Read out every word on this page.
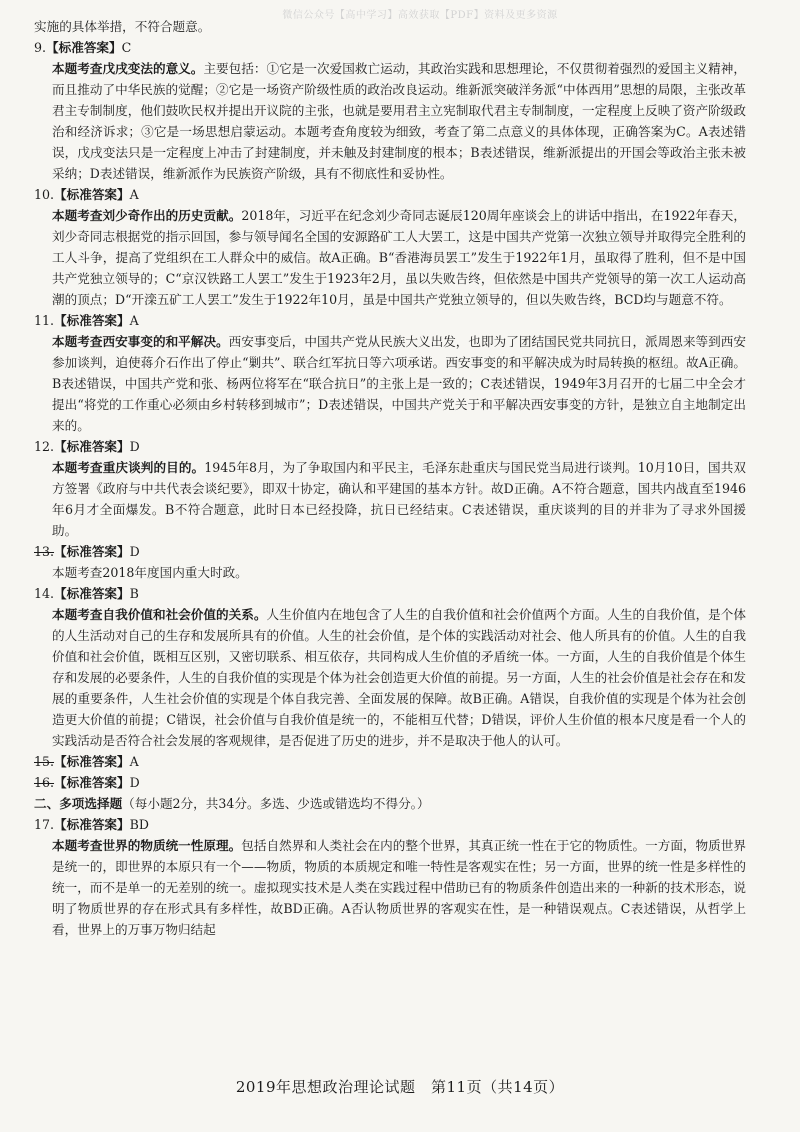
微信公众号【高中学习】高效获取【PDF】资料及更多资源

实施的具体举措，不符合题意。

9.【标准答案】C

本题考查戊戌变法的意义。主要包括：①它是一次爱国救亡运动，其政治实践和思想理论，不仅贯彻着强烈的爱国主义精神，而且推动了中华民族的觉醒；②它是一场资产阶级性质的政治改良运动。维新派突破洋务派“中体西用”思想的局限，主张改革君主专制制度，他们鼓吹民权并提出开议院的主张，也就是要用君主立宪制取代君主专制制度，一定程度上反映了资产阶级政治和经济诉求；③它是一场思想启蒙运动。本题考查角度较为细致，考查了第二点意义的具体体现，正确答案为C。A表述错误，戊戌变法只是一定程度上冲击了封建制度，并未触及封建制度的根本；B表述错误，维新派提出的开国会等政治主张未被采纳；D表述错误，维新派作为民族资产阶级，具有不彻底性和妥协性。

10.【标准答案】A

本题考查刘少奇作出的历史贡献。2018年，习近平在纪念刘少奇同志诞辰120周年座谈会上的讲话中指出，在1922年春天，刘少奇同志根据党的指示回国，参与领导闻名全国的安源路矿工人大罢工，这是中国共产党第一次独立领导并取得完全胜利的工人斗争，提高了党组织在工人群众中的威信。故A正确。B“香港海员罢工”发生于1922年1月，虽取得了胜利，但不是中国共产党独立领导的；C“京汉铁路工人罢工”发生于1923年2月，虽以失败告终，但依然是中国共产党领导的第一次工人运动高潮的顶点；D“开滦五矿工人罢工”发生于1922年10月，虽是中国共产党独立领导的，但以失败告终，BCD均与题意不符。

11.【标准答案】A

本题考查西安事变的和平解决。西安事变后，中国共产党从民族大义出发，也即为了团结国民党共同抗日，派周恩来等到西安参加谈判，迫使蒋介石作出了停止“剿共”、联合红军抗日等六项承诺。西安事变的和平解决成为时局转换的枢纽。故A正确。B表述错误，中国共产党和张、杨两位将军在“联合抗日”的主张上是一致的；C表述错误，1949年3月召开的七届二中全会才提出“将党的工作重心必须由乡村转移到城市”；D表述错误，中国共产党关于和平解决西安事变的方针，是独立自主地制定出来的。

12.【标准答案】D

本题考查重庆谈判的目的。1945年8月，为了争取国内和平民主，毛泽东赴重庆与国民党当局进行谈判。10月10日，国共双方签署《政府与中共代表会谈纪要》，即双十协定，确认和平建国的基本方针。故D正确。A不符合题意，国共内战直至1946年6月才全面爆发。B不符合题意，此时日本已经投降，抗日已经结束。C表述错误，重庆谈判的目的并非为了寻求外国援助。

13.【标准答案】D

本题考查2018年度国内重大时政。

14.【标准答案】B

本题考查自我价值和社会价值的关系。人生价值内在地包含了人生的自我价值和社会价值两个方面。人生的自我价值，是个体的人生活动对自己的生存和发展所具有的价值。人生的社会价值，是个体的实践活动对社会、他人所具有的价值。人生的自我价值和社会价值，既相互区别，又密切联系、相互依存，共同构成人生价值的矛盾统一体。一方面，人生的自我价值是个体生存和发展的必要条件，人生的自我价值的实现是个体为社会创造更大价值的前提。另一方面，人生的社会价值是社会存在和发展的重要条件，人生社会价值的实现是个体自我完善、全面发展的保障。故B正确。A错误，自我价值的实现是个体为社会创造更大价值的前提；C错误，社会价值与自我价值是统一的，不能相互代替；D错误，评价人生价值的根本尺度是看一个人的实践活动是否符合社会发展的客观规律，是否促进了历史的进步，并不是取决于他人的认可。

15.【标准答案】A

16.【标准答案】D

二、多项选择题（每小题2分，共34分。多选、少选或错选均不得分。）

17.【标准答案】BD

本题考查世界的物质统一性原理。包括自然界和人类社会在内的整个世界，其真正统一性在于它的物质性。一方面，物质世界是统一的，即世界的本原只有一个——物质，物质的本质规定和唯一特性是客观实在性；另一方面，世界的统一性是多样性的统一，而不是单一的无差别的统一。虚拟现实技术是人类在实践过程中借助已有的物质条件创造出来的一种新的技术形态，说明了物质世界的存在形式具有多样性，故BD正确。A否认物质世界的客观实在性，是一种错误观点。C表述错误，从哲学上看，世界上的万事万物归结起

2019年思想政治理论试题　第11页（共14页）
